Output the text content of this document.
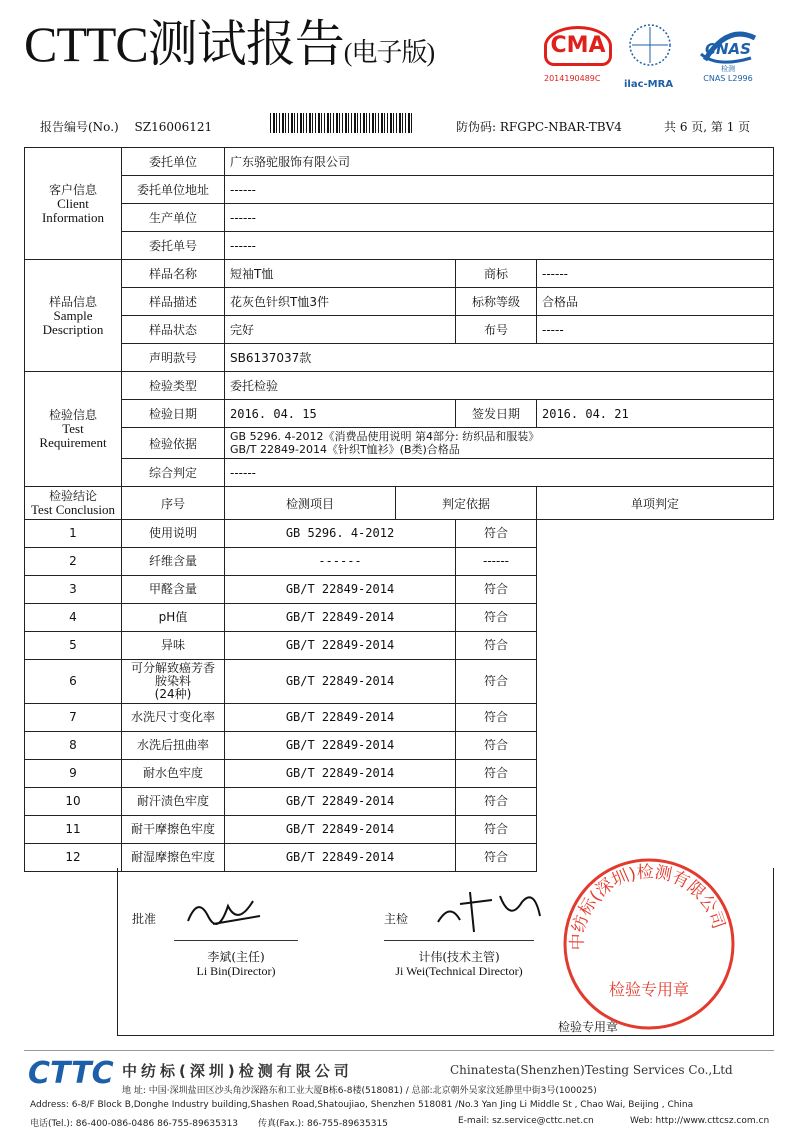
CTTC测试报告(电子版)	CMA
2014190489C
ilac-MRA
CNAS
检测
CNAS L2996
报告编号(No.) SZ16006121	防伪码: RFGPC-NBAR-TBV4	共 6 页, 第 1 页
客户信息
Client
Information	委托单位	广东骆驼服饰有限公司			
	委托单位地址	------			
	生产单位	------			
	委托单号	------			

样品信息
Sample
Description	样品名称	短袖T恤		商标	------
	样品描述	花灰色针织T恤3件		标称等级	合格品
	样品状态	完好		布号	-----
	声明款号	SB6137037款			

检验信息
Test
Requirement	检验类型	委托检验			
	检验日期	2016. 04. 15		签发日期	2016. 04. 21
	检验依据	GB 5296. 4-2012《消费品使用说明 第4部分: 纺织品和服装》
GB/T 22849-2014《针织T恤衫》(B类)合格品			

	综合判定	------			

检验结论
Test Conclusion	序号	检测项目	判定依据		单项判定
1	使用说明	GB 5296. 4-2012		符合	
2	纤维含量	------		------	
3	甲醛含量	GB/T 22849-2014		符合	
4	pH值	GB/T 22849-2014		符合	
5	异味	GB/T 22849-2014		符合	
6	可分解致癌芳香胺染料
(24种)	GB/T 22849-2014		符合	
7	水洗尺寸变化率	GB/T 22849-2014		符合	
8	水洗后扭曲率	GB/T 22849-2014		符合	
9	耐水色牢度	GB/T 22849-2014		符合	
10	耐汗渍色牢度	GB/T 22849-2014		符合	
11	耐干摩擦色牢度	GB/T 22849-2014		符合	
12	耐湿摩擦色牢度	GB/T 22849-2014		符合	

批准
李斌(主任)
Li Bin(Director)
主检
计伟(技术主管)
Ji Wei(Technical Director)
检验专用章
中纺标(深圳)检测有限公司
检验专用章
CTTC 中纺标(深圳)检测有限公司	Chinatesta(Shenzhen)Testing Services Co.,Ltd
地 址: 中国·深圳盐田区沙头角沙深路东和工业大厦B栋6-8楼(518081) / 总部:北京朝外吴家汶延静里中街3号(100025)
Address: 6-8/F Block B,Donghe Industry building,Shashen Road,Shatoujiao, Shenzhen 518081 /No.3 Yan Jing Li Middle St , Chao Wai, Beijing , China
电话(Tel.): 86-400-086-0486 86-755-89635313 传真(Fax.): 86-755-89635315	E-mail: sz.service@cttc.net.cn	Web: http://www.cttcsz.com.cn
